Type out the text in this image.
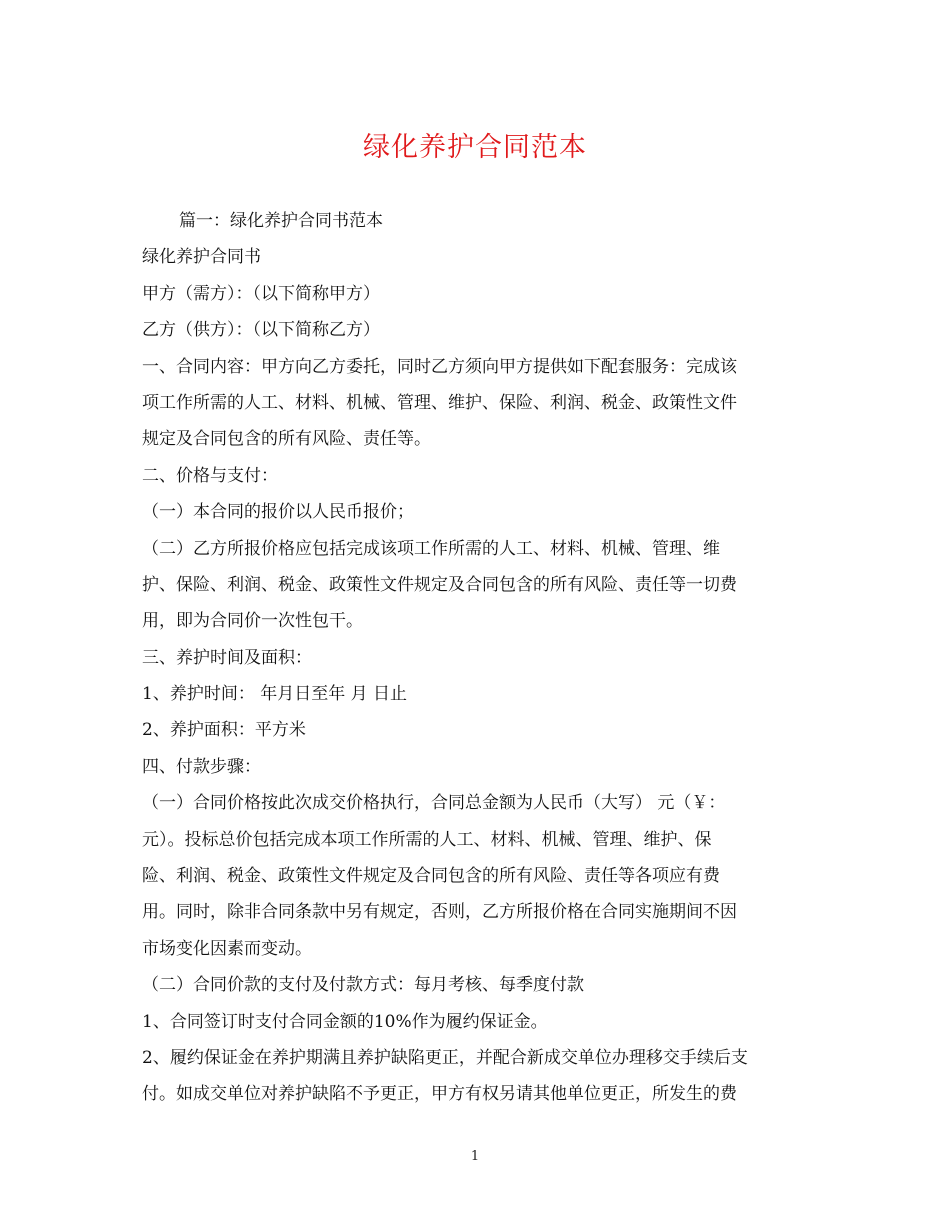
绿化养护合同范本
篇一：绿化养护合同书范本
绿化养护合同书
甲方（需方）：（以下简称甲方）
乙方（供方）：（以下简称乙方）
一、合同内容：甲方向乙方委托，同时乙方须向甲方提供如下配套服务：完成该
项工作所需的人工、材料、机械、管理、维护、保险、利润、税金、政策性文件
规定及合同包含的所有风险、责任等。
二、价格与支付：
（一）本合同的报价以人民币报价；
（二）乙方所报价格应包括完成该项工作所需的人工、材料、机械、管理、维
护、保险、利润、税金、政策性文件规定及合同包含的所有风险、责任等一切费
用，即为合同价一次性包干。
三、养护时间及面积：
1、养护时间： 年月日至年 月 日止
2、养护面积：平方米
四、付款步骤：
（一）合同价格按此次成交价格执行，合同总金额为人民币（大写） 元（￥：
元）。投标总价包括完成本项工作所需的人工、材料、机械、管理、维护、保
险、利润、税金、政策性文件规定及合同包含的所有风险、责任等各项应有费
用。同时，除非合同条款中另有规定，否则，乙方所报价格在合同实施期间不因
市场变化因素而变动。
（二）合同价款的支付及付款方式：每月考核、每季度付款
1、合同签订时支付合同金额的10%作为履约保证金。
2、履约保证金在养护期满且养护缺陷更正，并配合新成交单位办理移交手续后支
付。如成交单位对养护缺陷不予更正，甲方有权另请其他单位更正，所发生的费
1
